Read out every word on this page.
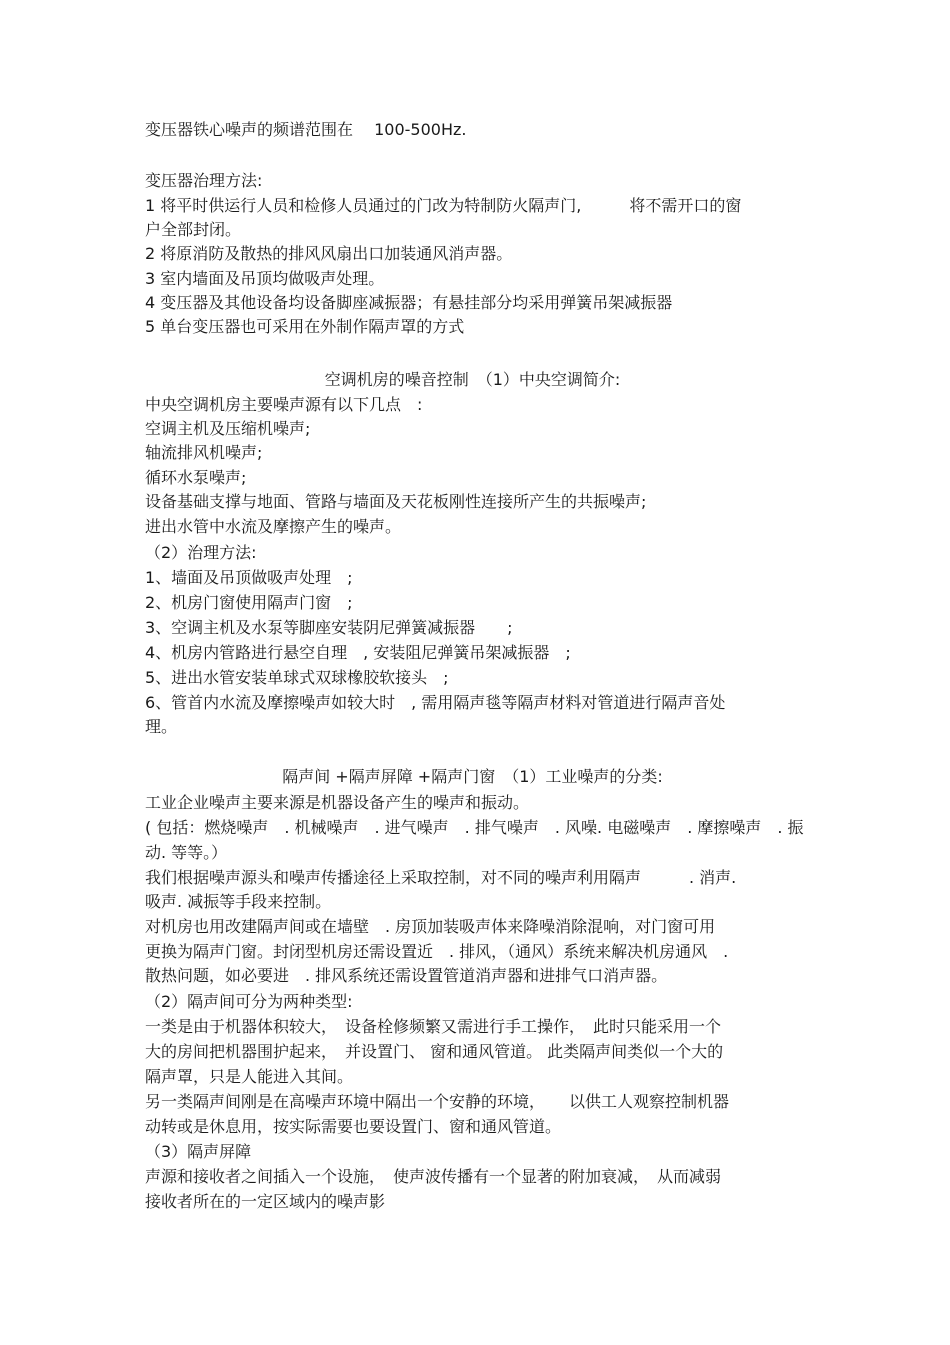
变压器铁心噪声的频谱范围在　 100-500Hz.

变压器治理方法:

1 将平时供运行人员和检修人员通过的门改为特制防火隔声门,　　　将不需开口的窗

户全部封闭。

2 将原消防及散热的排风风扇出口加装通风消声器。

3 室内墙面及吊顶均做吸声处理。

4 变压器及其他设备均设备脚座减振器；有悬挂部分均采用弹簧吊架减振器

5 单台变压器也可采用在外制作隔声罩的方式

空调机房的噪音控制　（1）中央空调简介:

中央空调机房主要噪声源有以下几点　:

空调主机及压缩机噪声;

轴流排风机噪声;

循环水泵噪声;

设备基础支撑与地面、管路与墙面及天花板刚性连接所产生的共振噪声;

进出水管中水流及摩擦产生的噪声。

（2）治理方法:

1、墙面及吊顶做吸声处理　;

2、机房门窗使用隔声门窗　;

3、空调主机及水泵等脚座安装阴尼弹簧减振器　　;

4、机房内管路进行悬空自理　, 安装阻尼弹簧吊架减振器　;

5、进出水管安装单球式双球橡胶软接头　;

6、管首内水流及摩擦噪声如较大时　, 需用隔声毯等隔声材料对管道进行隔声音处

理。

隔声间 +隔声屏障 +隔声门窗　（1）工业噪声的分类:

工业企业噪声主要来源是机器设备产生的噪声和振动。

( 包括：燃烧噪声　. 机械噪声　. 进气噪声　. 排气噪声　. 风噪. 电磁噪声　. 摩擦噪声　. 振

动. 等等。）

我们根据噪声源头和噪声传播途径上采取控制，对不同的噪声利用隔声　　　. 消声.

吸声. 减振等手段来控制。

对机房也用改建隔声间或在墙壁　. 房顶加装吸声体来降噪消除混响，对门窗可用

更换为隔声门窗。封闭型机房还需设置近　. 排风，（通风）系统来解决机房通风　.

散热问题，如必要进　. 排风系统还需设置管道消声器和进排气口消声器。

（2）隔声间可分为两种类型:

一类是由于机器体积较大，　设备栓修频繁又需进行手工操作，　此时只能采用一个

大的房间把机器围护起来，　并设置门、 窗和通风管道。 此类隔声间类似一个大的

隔声罩，只是人能进入其间。

另一类隔声间刚是在高噪声环境中隔出一个安静的环境，　　以供工人观察控制机器

动转或是休息用，按实际需要也要设置门、窗和通风管道。

（3）隔声屏障

声源和接收者之间插入一个设施，　使声波传播有一个显著的附加衰减，　从而减弱

接收者所在的一定区域内的噪声影
